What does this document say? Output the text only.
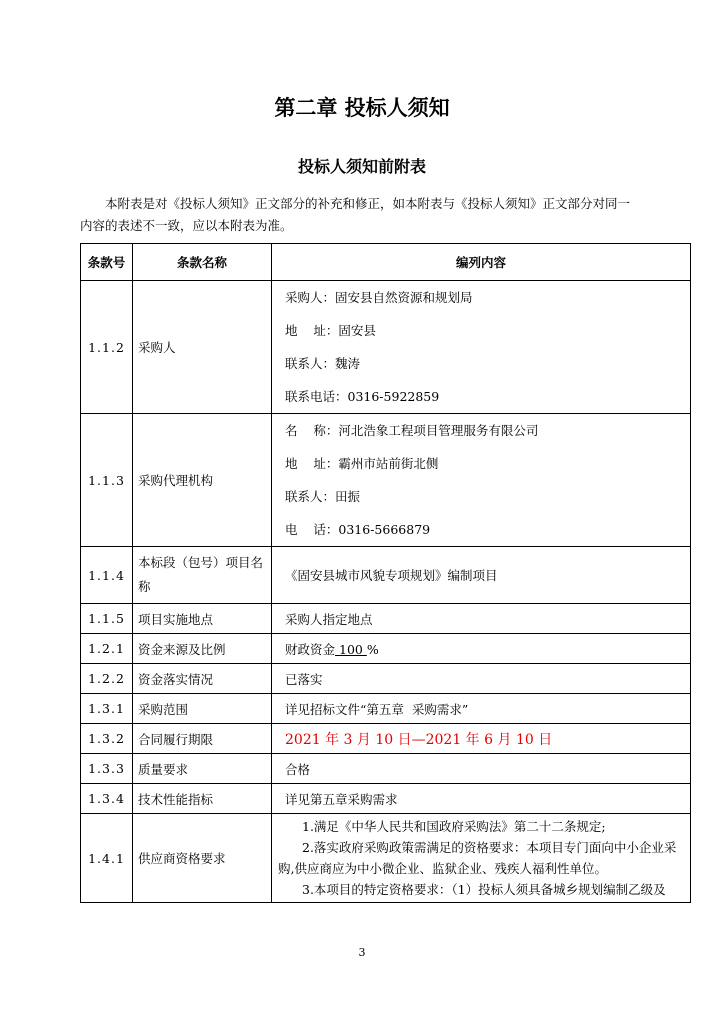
第二章 投标人须知
投标人须知前附表

本附表是对《投标人须知》正文部分的补充和修正，如本附表与《投标人须知》正文部分对同一

内容的表述不一致，应以本附表为准。

条款号	条款名称	编列内容
1.1.2	采购人	采购人：固安县自然资源和规划局
地    址：固安县
联系人：魏涛
联系电话：0316-5922859

1.1.3	采购代理机构	名    称：河北浩象工程项目管理服务有限公司
地    址：霸州市站前街北侧
联系人：田振
电    话：0316-5666879

1.1.4	本标段（包号）项目名称	《固安县城市风貌专项规划》编制项目
1.1.5	项目实施地点	采购人指定地点
1.2.1	资金来源及比例	财政资金 100 %
1.2.2	资金落实情况	已落实
1.3.1	采购范围	详见招标文件“第五章  采购需求”
1.3.2	合同履行期限	2021 年 3 月 10 日—2021 年 6 月 10 日
1.3.3	质量要求	合格
1.3.4	技术性能指标	详见第五章采购需求
1.4.1	供应商资格要求	1.满足《中华人民共和国政府采购法》第二十二条规定;

2.落实政府采购政策需满足的资格要求：本项目专门面向中小企业采购,供应商应为中小微企业、监狱企业、残疾人福利性单位。

3.本项目的特定资格要求：（1）投标人须具备城乡规划编制乙级及

3
